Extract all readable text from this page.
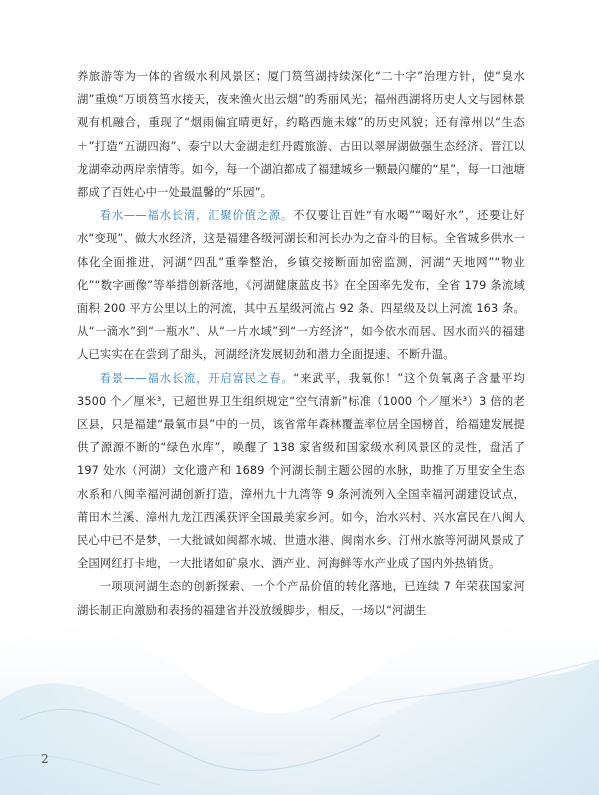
养旅游等为一体的省级水利风景区；厦门筼筜湖持续深化“二十字”治理方针，使“臭水湖”重焕“万顷筼筜水接天，夜来渔火出云烟”的秀丽风光；福州西湖将历史人文与园林景观有机融合，重现了“烟雨偏宜晴更好，约略西施未嫁”的历史风貌；还有漳州以“生态＋”打造“五湖四海”、泰宁以大金湖走红丹霞旅游、古田以翠屏湖做强生态经济、晋江以龙湖牵动两岸亲情等。如今，每一个湖泊都成了福建城乡一颗最闪耀的“星”，每一口池塘都成了百姓心中一处最温馨的“乐园”。

看水——福水长清，汇聚价值之源。不仅要让百姓“有水喝”“喝好水”，还要让好水“变现”、做大水经济，这是福建各级河湖长和河长办为之奋斗的目标。全省城乡供水一体化全面推进，河湖“四乱”重拳整治，乡镇交接断面加密监测，河湖“天地网”“物业化”“数字画像”等举措创新落地，《河湖健康蓝皮书》在全国率先发布，全省 179 条流域面积 200 平方公里以上的河流，其中五星级河流占 92 条、四星级及以上河流 163 条。从“一滴水”到“一瓶水”、从“一片水域”到“一方经济”，如今依水而居、因水而兴的福建人已实实在在尝到了甜头，河湖经济发展韧劲和潜力全面提速、不断升温。

看景——福水长流，开启富民之春。“来武平，我氧你！”这个负氧离子含量平均 3500 个／厘米³，已超世界卫生组织规定“空气清新”标准（1000 个／厘米³）3 倍的老区县，只是福建“最氧市县”中的一员，该省常年森林覆盖率位居全国榜首，给福建发展提供了源源不断的“绿色水库”，唤醒了 138 家省级和国家级水利风景区的灵性，盘活了 197 处水（河湖）文化遗产和 1689 个河湖长制主题公园的水脉，助推了万里安全生态水系和八闽幸福河湖创新打造，漳州九十九湾等 9 条河流列入全国幸福河湖建设试点，莆田木兰溪、漳州九龙江西溪获评全国最美家乡河。如今，治水兴村、兴水富民在八闽人民心中已不是梦，一大批诚如闽都水城、世遗水港、闽南水乡、汀州水旅等河湖风景成了全国网红打卡地，一大批诸如矿泉水、酒产业、河海鲜等水产业成了国内外热销货。

一项项河湖生态的创新探索、一个个产品价值的转化落地，已连续 7 年荣获国家河湖长制正向激励和表扬的福建省并没放缓脚步，相反，一场以“河湖生

2
